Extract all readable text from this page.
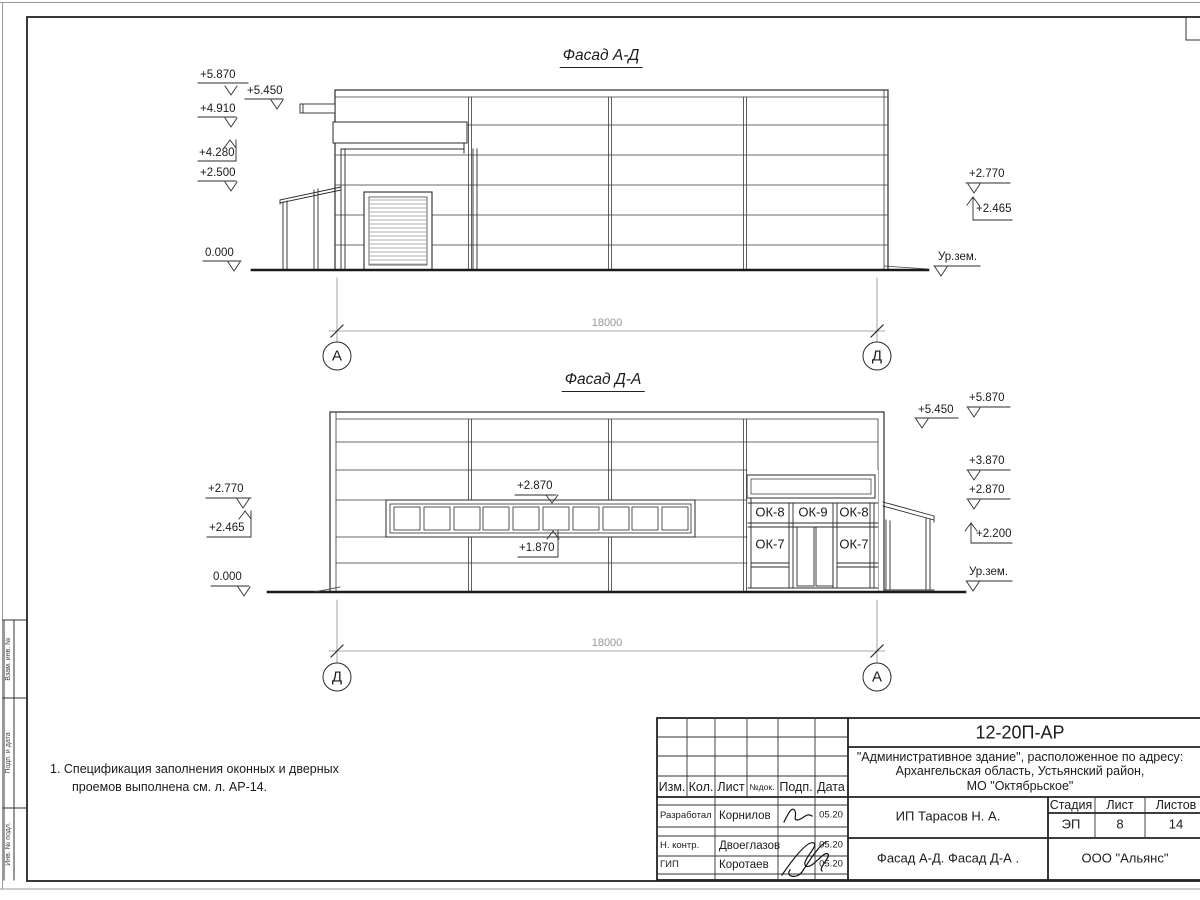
Фасад А-Д
+5.870
+5.450
+4.910
+4.280
+2.500
0.000
+2.770
+2.465
Ур.зем.
18000
А	Д
Фасад Д-А
+2.770
+2.465
0.000
+2.870
+1.870
+5.870
+5.450
+3.870
+2.870
+2.200
Ур.зем.
ОК-8 ОК-9 ОК-8
ОК-7	ОК-7
18000
Д	А
1. Спецификация заполнения оконных и дверных
проемов выполнена см. л. АР-14.
Взам. инв. №
Подп. и дата
Инв. № подл.
12-20П-АР
"Административное здание", расположенное по адресу:
Архангельская область, Устьянский район,
МО "Октябрьское"
Изм. Кол. Лист №док. Подп. Дата
Разработал Корнилов	05.20
Н. контр. Двоеглазов	05.20
ГИП	Коротаев	05.20
ИП Тарасов Н. А.
Стадия Лист Листов
ЭП	8	14
Фасад А-Д. Фасад Д-А .	ООО "Альянс"
